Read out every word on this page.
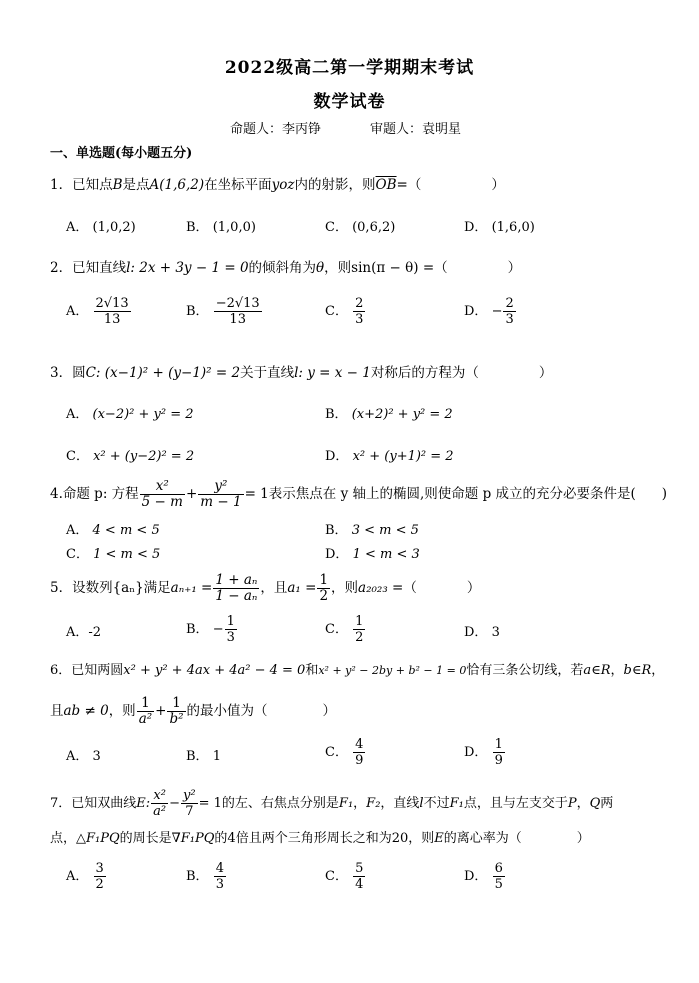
2022级高二第一学期期末考试
数学试卷
命题人：李丙铮	审题人：袁明星
一、单选题(每小题五分)
1．已知点B是点A(1,6,2)在坐标平面yoz内的射影，则$\overline{OB}=$（	）
A． (1,0,2)	B． (1,0,0)	C． (0,6,2)	D． (1,6,0)
2．已知直线l: 2x + 3y − 1 = 0的倾斜角为θ，则sin(π − θ) =（	）
A． $\frac{2√13}{13}$	B． $\frac{-2√13}{13}$	C． $\frac{2}{3}$	D． − $\frac{2}{3}$
3．圆C: (x−1)² + (y−1)² = 2关于直线l: y = x − 1对称后的方程为（	）
A． (x−2)² + y² = 2	B． (x+2)² + y² = 2
C． x² + (y−2)² = 2	D． x² + (y+1)² = 2
4.命题 p: 方程 $\frac{\text{x²}}{5 - m} + \frac{\text{y²}}{m - 1} = 1$表示焦点在 y 轴上的椭圆,则使命题 p 成立的充分必要条件是( )
A． 4 < m < 5	B． 3 < m < 5
C． 1 < m < 5	D． 1 < m < 3
5．设数列{aₙ}满足$a_{n+1} = \frac{\text{1 + aₙ}}{\text{1 − aₙ}}$ ，且$a_1 = \frac{1}{2}$ ，则a₂₀₂₃ =（	）
A．-2	B． − $\frac{1}{3}$	C． $\frac{1}{2}$	D． 3
6．已知两圆x² + y² + 4ax + 4a² − 4 = 0和x² + y² − 2by + b² − 1 = 0恰有三条公切线，若a∈R，b∈R，
且ab ≠ 0，则 $\frac{1}{\text{a²}} + \frac{1}{\text{b²}}$ 的最小值为（	）
A． 3	B． 1	C． $\frac{4}{9}$	D． $\frac{1}{9}$
7．已知双曲线E: $\frac{\text{x²}}{\text{a²}} - \frac{\text{y²}}{7} = 1$的左、右焦点分别是F₁，F₂，直线l不过F₁点，且与左支交于P，Q两
点，△F₁PQ的周长是∇F₁PQ的4倍且两个三角形周长之和为20，则E的离心率为（	）
A． $\frac{3}{2}$	B． $\frac{4}{3}$	C． $\frac{5}{4}$	D． $\frac{6}{5}$
